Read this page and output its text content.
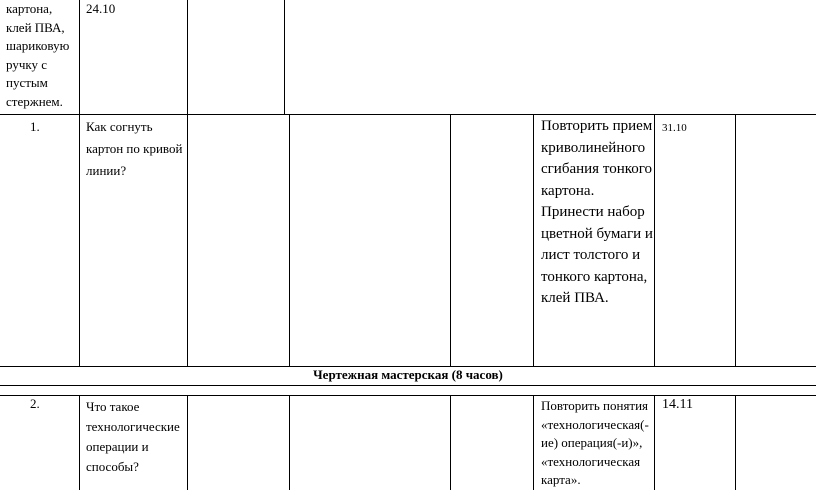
картона, клей ПВА, шариковую ручку с пустым стержнем.
24.10
1.	Как согнуть картон по кривой линии?
Повторить прием криволинейного сгибания тонкого картона. Принести набор цветной бумаги и лист толстого и тонкого картона, клей ПВА.
31.10
Чертежная мастерская (8 часов)
2.	Что такое технологические операции и способы?
Повторить понятия «технологическая(-ие) операция(-и)», «технологическая карта».
14.11
